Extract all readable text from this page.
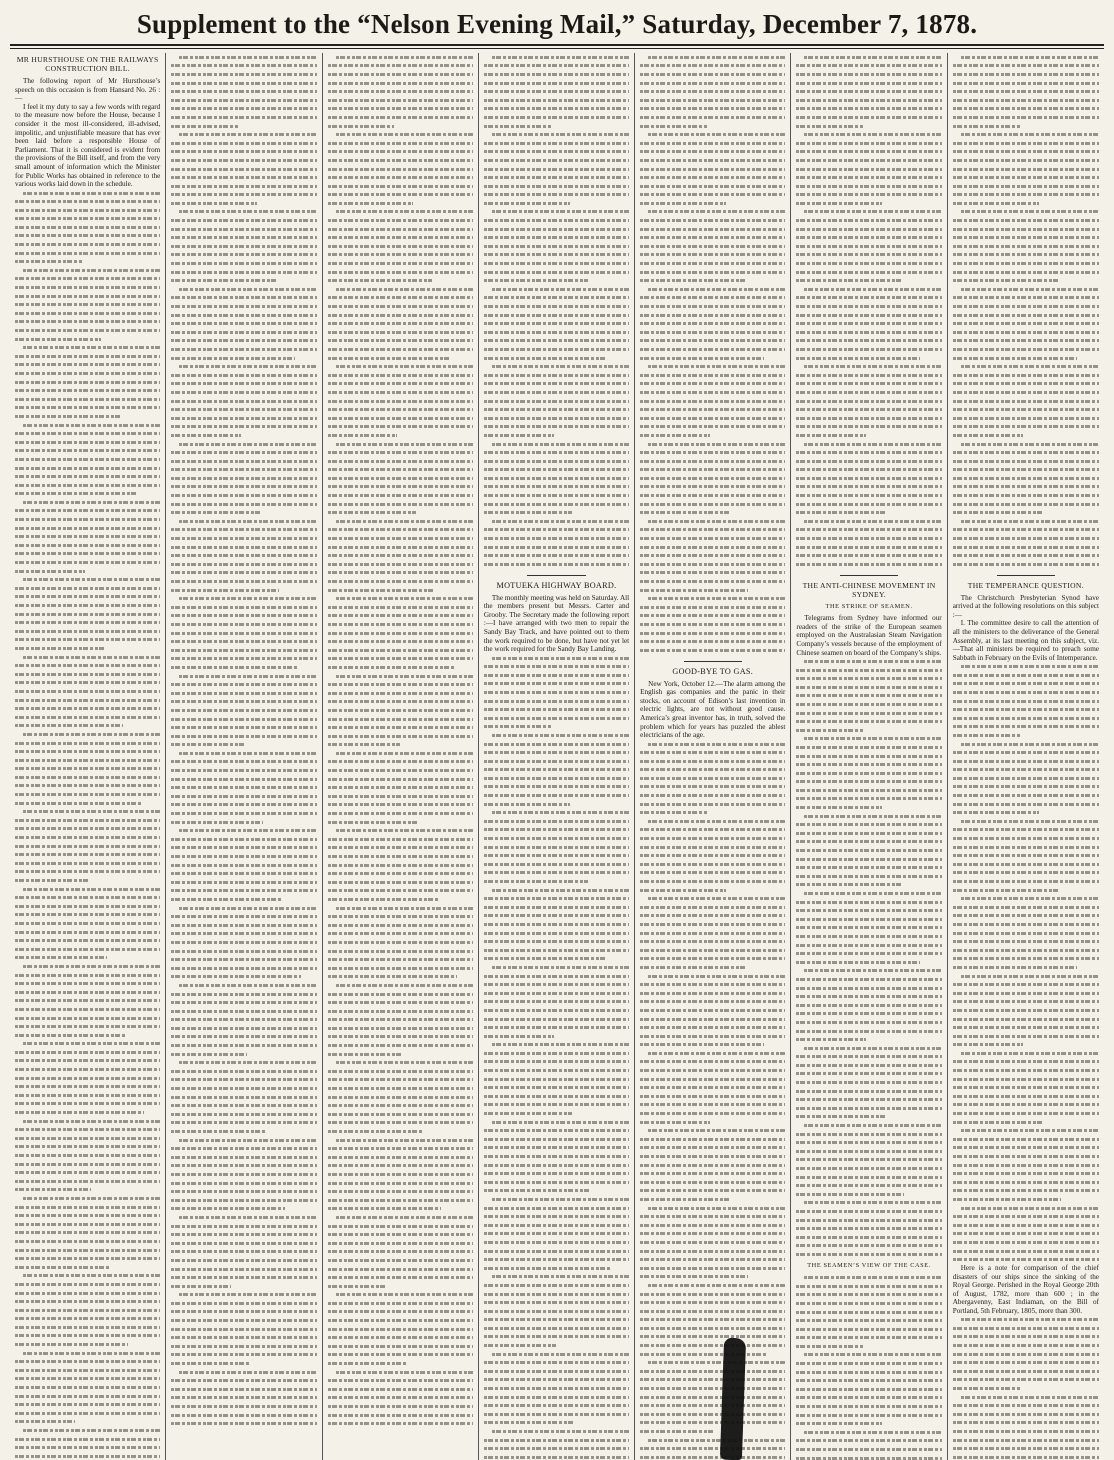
Supplement to the “Nelson Evening Mail,” Saturday, December 7, 1878.
MR HURSTHOUSE ON THE RAILWAYS CONSTRUCTION BILL.

The following report of Mr Hursthouse’s speech on this occasion is from Hansard No. 26 :—

I feel it my duty to say a few words with regard to the measure now before the House, because I consider it the most ill-considered, ill-advised, impolitic, and unjustifiable measure that has ever been laid before a responsible House of Parliament. That it is considered is evident from the provisions of the Bill itself, and from the very small amount of information which the Minister for Public Works has obtained in reference to the various works laid down in the schedule.

MOTUEKA HIGHWAY BOARD.

The monthly meeting was held on Saturday. All the members present but Messrs. Carter and Grooby. The Secretary made the following report :—I have arranged with two men to repair the Sandy Bay Track, and have pointed out to them the work required to be done, but have not yet let the work required for the Sandy Bay Landing.

GOOD-BYE TO GAS.

New York, October 12.—The alarm among the English gas companies and the panic in their stocks, on account of Edison’s last invention in electric lights, are not without good cause. America’s great inventor has, in truth, solved the problem which for years has puzzled the ablest electricians of the age.

THE ANTI-CHINESE MOVEMENT IN SYDNEY.
THE STRIKE OF SEAMEN.

Telegrams from Sydney have informed our readers of the strike of the European seamen employed on the Australasian Steam Navigation Company’s vessels because of the employment of Chinese seamen on board of the Company’s ships.

THE SEAMEN’S VIEW OF THE CASE.
THE TEMPERANCE QUESTION.

The Christchurch Presbyterian Synod have arrived at the following resolutions on this subject :—

I. The committee desire to call the attention of all the ministers to the deliverance of the General Assembly, at its last meeting on this subject, viz.—That all ministers be required to preach some Sabbath in February on the Evils of Intemperance.

Here is a note for comparison of the chief disasters of our ships since the sinking of the Royal George. Perished in the Royal George 20th of August, 1782, more than 600 ; in the Abergavenny, East Indiaman, on the Bill of Portland, 5th February, 1805, more than 300.
